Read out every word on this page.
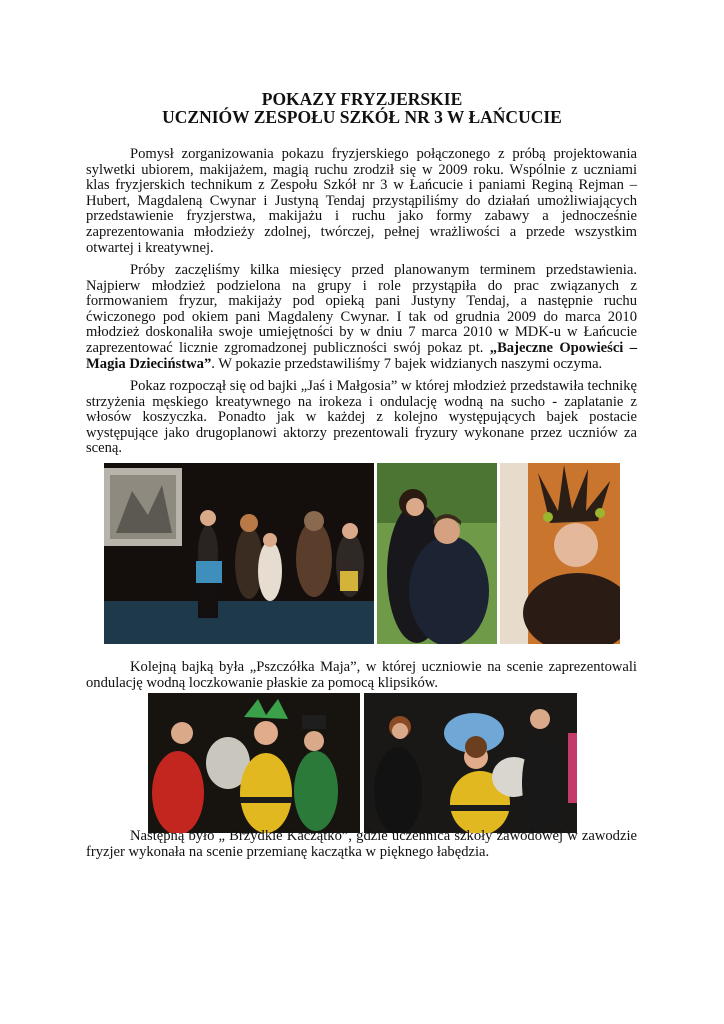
POKAZY FRYZJERSKIE
UCZNIÓW ZESPOŁU SZKÓŁ NR 3 W ŁAŃCUCIE
Pomysł zorganizowania pokazu fryzjerskiego połączonego z próbą projektowania sylwetki ubiorem, makijażem, magią ruchu zrodził się w 2009 roku. Wspólnie z uczniami klas fryzjerskich technikum z Zespołu Szkół nr 3 w Łańcucie i paniami Reginą Rejman – Hubert, Magdaleną Cwynar i Justyną Tendaj przystąpiliśmy do działań umożliwiających przedstawienie fryzjerstwa, makijażu i ruchu jako formy zabawy a jednocześnie zaprezentowania młodzieży zdolnej, twórczej, pełnej wrażliwości a przede wszystkim otwartej i kreatywnej.
Próby zaczęliśmy kilka miesięcy przed planowanym terminem przedstawienia. Najpierw młodzież podzielona na grupy i role przystąpiła do prac związanych z formowaniem fryzur, makijaży pod opieką pani Justyny Tendaj, a następnie ruchu ćwiczonego pod okiem pani Magdaleny Cwynar. I tak od grudnia 2009 do marca 2010 młodzież doskonaliła swoje umiejętności by w dniu 7 marca 2010 w MDK-u w Łańcucie zaprezentować licznie zgromadzonej publiczności swój pokaz pt. „Bajeczne Opowieści – Magia Dzieciństwa”. W pokazie przedstawiliśmy 7 bajek widzianych naszymi oczyma.
Pokaz rozpoczął się od bajki „Jaś i Małgosia” w której młodzież przedstawiła technikę strzyżenia męskiego kreatywnego na irokeza i ondulację wodną na sucho - zaplatanie z włosów koszyczka. Ponadto jak w każdej z kolejno występujących bajek postacie występujące jako drugoplanowi aktorzy prezentowali fryzury wykonane przez uczniów za sceną.
Kolejną bajką była „Pszczółka Maja”, w której uczniowie na scenie zaprezentowali ondulację wodną loczkowanie płaskie za pomocą klipsików.
Następną było „ Brzydkie Kaczątko”, gdzie uczennica szkoły zawodowej w zawodzie fryzjer wykonała na scenie przemianę kaczątka w pięknego łabędzia.
